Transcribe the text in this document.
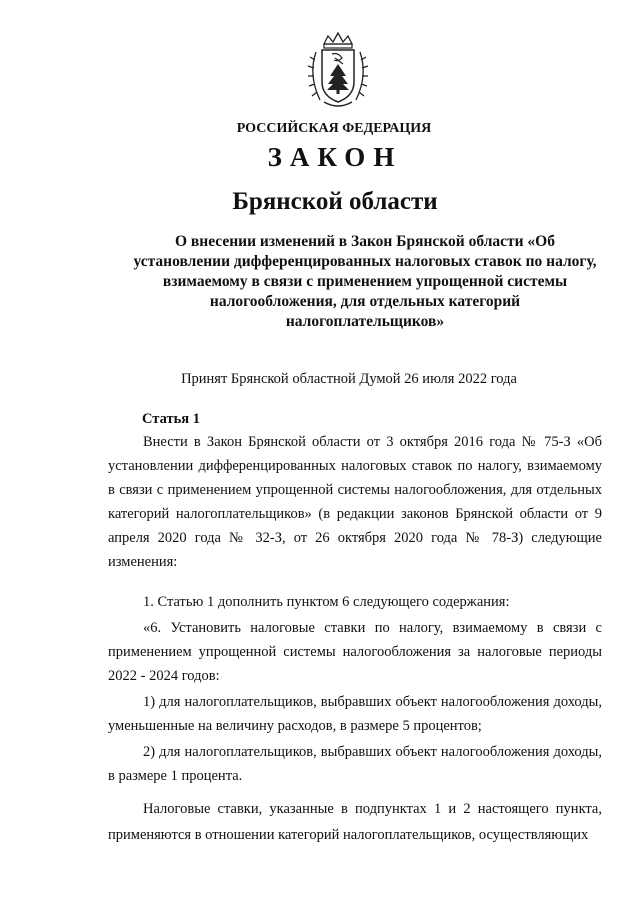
РОССИЙСКАЯ ФЕДЕРАЦИЯ
ЗАКОН
Брянской области
О внесении изменений в Закон Брянской области «Об установлении дифференцированных налоговых ставок по налогу, взимаемому в связи с применением упрощенной системы налогообложения, для отдельных категорий налогоплательщиков»
Принят Брянской областной Думой 26 июля 2022 года
Статья 1

Внести в Закон Брянской области от 3 октября 2016 года № 75-З «Об установлении дифференцированных налоговых ставок по налогу, взимаемому в связи с применением упрощенной системы налогообложения, для отдельных категорий налогоплательщиков» (в редакции законов Брянской области от 9 апреля 2020 года № 32-З, от 26 октября 2020 года № 78-З) следующие изменения:

1. Статью 1 дополнить пунктом 6 следующего содержания:

«6. Установить налоговые ставки по налогу, взимаемому в связи с применением упрощенной системы налогообложения за налоговые периоды 2022 - 2024 годов:

1) для налогоплательщиков, выбравших объект налогообложения доходы, уменьшенные на величину расходов, в размере 5 процентов;

2) для налогоплательщиков, выбравших объект налогообложения доходы, в размере 1 процента.

Налоговые ставки, указанные в подпунктах 1 и 2 настоящего пункта, применяются в отношении категорий налогоплательщиков, осуществляющих
